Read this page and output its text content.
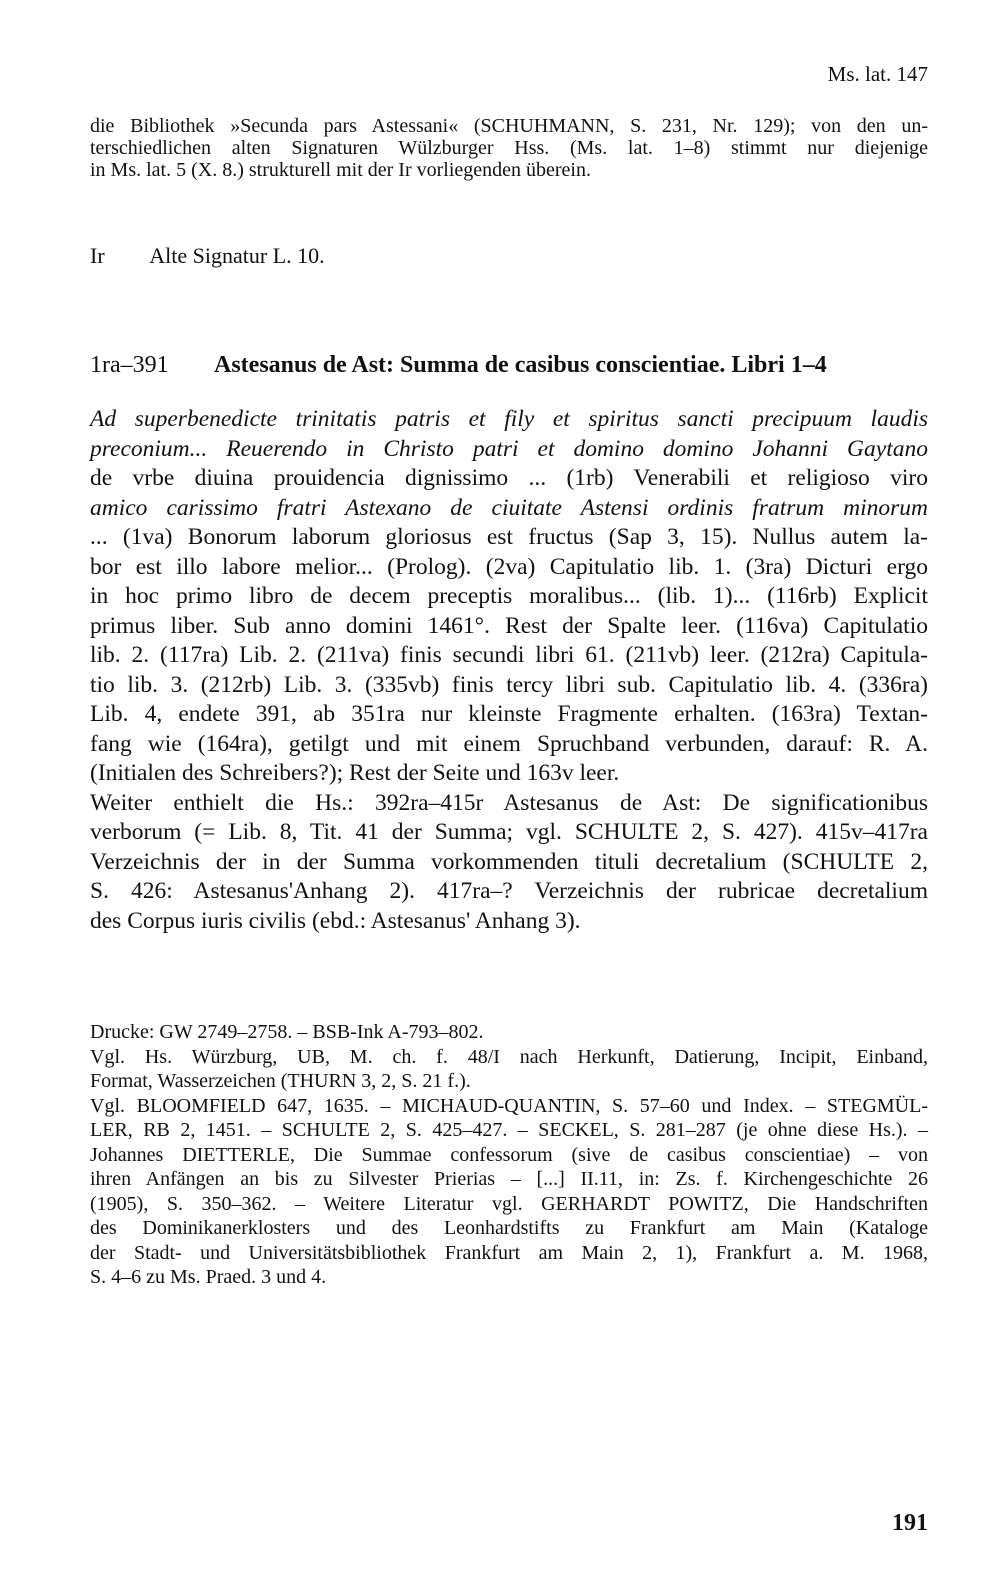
Ms. lat. 147
die Bibliothek »Secunda pars Astessani« (SCHUHMANN, S. 231, Nr. 129); von den un-
terschiedlichen alten Signaturen Wülzburger Hss. (Ms. lat. 1–8) stimmt nur diejenige
in Ms. lat. 5 (X. 8.) strukturell mit der Ir vorliegenden überein.
Ir Alte Signatur L. 10.
1ra–391 Astesanus de Ast: Summa de casibus conscientiae. Libri 1–4
Ad superbenedicte trinitatis patris et fily et spiritus sancti precipuum laudis
preconium... Reuerendo in Christo patri et domino domino Johanni Gaytano
de vrbe diuina prouidencia dignissimo ... (1rb) Venerabili et religioso viro
amico carissimo fratri Astexano de ciuitate Astensi ordinis fratrum minorum
... (1va) Bonorum laborum gloriosus est fructus (Sap 3, 15). Nullus autem la-
bor est illo labore melior... (Prolog). (2va) Capitulatio lib. 1. (3ra) Dicturi ergo
in hoc primo libro de decem preceptis moralibus... (lib. 1)... (116rb) Explicit
primus liber. Sub anno domini 1461°. Rest der Spalte leer. (116va) Capitulatio
lib. 2. (117ra) Lib. 2. (211va) finis secundi libri 61. (211vb) leer. (212ra) Capitula-
tio lib. 3. (212rb) Lib. 3. (335vb) finis tercy libri sub. Capitulatio lib. 4. (336ra)
Lib. 4, endete 391, ab 351ra nur kleinste Fragmente erhalten. (163ra) Textan-
fang wie (164ra), getilgt und mit einem Spruchband verbunden, darauf: R. A.
(Initialen des Schreibers?); Rest der Seite und 163v leer.
Weiter enthielt die Hs.: 392ra–415r Astesanus de Ast: De significationibus
verborum (= Lib. 8, Tit. 41 der Summa; vgl. SCHULTE 2, S. 427). 415v–417ra
Verzeichnis der in der Summa vorkommenden tituli decretalium (SCHULTE 2,
S. 426: Astesanus'Anhang 2). 417ra–? Verzeichnis der rubricae decretalium
des Corpus iuris civilis (ebd.: Astesanus' Anhang 3).
Drucke: GW 2749–2758. – BSB-Ink A-793–802.
Vgl. Hs. Würzburg, UB, M. ch. f. 48/I nach Herkunft, Datierung, Incipit, Einband,
Format, Wasserzeichen (THURN 3, 2, S. 21 f.).
Vgl. BLOOMFIELD 647, 1635. – MICHAUD-QUANTIN, S. 57–60 und Index. – STEGMÜL-
LER, RB 2, 1451. – SCHULTE 2, S. 425–427. – SECKEL, S. 281–287 (je ohne diese Hs.). –
Johannes DIETTERLE, Die Summae confessorum (sive de casibus conscientiae) – von
ihren Anfängen an bis zu Silvester Prierias – [...] II.11, in: Zs. f. Kirchengeschichte 26
(1905), S. 350–362. – Weitere Literatur vgl. GERHARDT POWITZ, Die Handschriften
des Dominikanerklosters und des Leonhardstifts zu Frankfurt am Main (Kataloge
der Stadt- und Universitätsbibliothek Frankfurt am Main 2, 1), Frankfurt a. M. 1968,
S. 4–6 zu Ms. Praed. 3 und 4.
191
